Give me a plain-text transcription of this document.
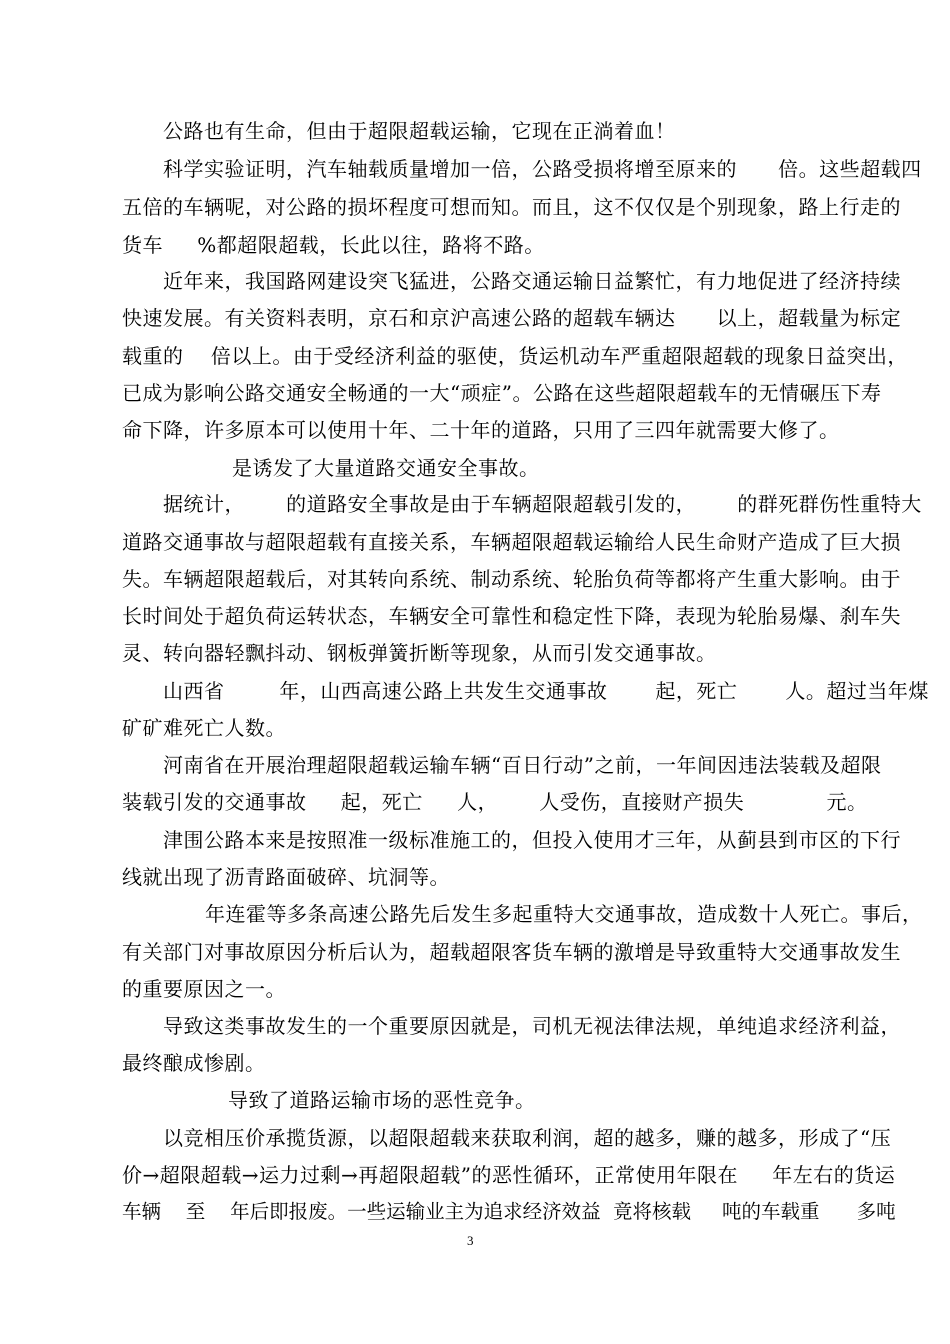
公路也有生命，但由于超限超载运输，它现在正淌着血！
科学实验证明，汽车轴载质量增加一倍，公路受损将增至原来的      倍。这些超载四
五倍的车辆呢，对公路的损坏程度可想而知。而且，这不仅仅是个别现象，路上行走的
货车     %都超限超载，长此以往，路将不路。
近年来，我国路网建设突飞猛进，公路交通运输日益繁忙，有力地促进了经济持续
快速发展。有关资料表明，京石和京沪高速公路的超载车辆达      以上，超载量为标定
载重的    倍以上。由于受经济利益的驱使，货运机动车严重超限超载的现象日益突出，
已成为影响公路交通安全畅通的一大“顽症”。公路在这些超限超载车的无情碾压下寿
命下降，许多原本可以使用十年、二十年的道路，只用了三四年就需要大修了。
是诱发了大量道路交通安全事故。
据统计，      的道路安全事故是由于车辆超限超载引发的，      的群死群伤性重特大
道路交通事故与超限超载有直接关系，车辆超限超载运输给人民生命财产造成了巨大损
失。车辆超限超载后，对其转向系统、制动系统、轮胎负荷等都将产生重大影响。由于
长时间处于超负荷运转状态，车辆安全可靠性和稳定性下降，表现为轮胎易爆、刹车失
灵、转向器轻飘抖动、钢板弹簧折断等现象，从而引发交通事故。
山西省        年，山西高速公路上共发生交通事故       起，死亡       人。超过当年煤
矿矿难死亡人数。
河南省在开展治理超限超载运输车辆“百日行动”之前，一年间因违法装载及超限
装载引发的交通事故     起，死亡     人，      人受伤，直接财产损失            元。
津围公路本来是按照准一级标准施工的，但投入使用才三年，从蓟县到市区的下行
线就出现了沥青路面破碎、坑洞等。
年连霍等多条高速公路先后发生多起重特大交通事故，造成数十人死亡。事后，
有关部门对事故原因分析后认为，超载超限客货车辆的激增是导致重特大交通事故发生
的重要原因之一。
导致这类事故发生的一个重要原因就是，司机无视法律法规，单纯追求经济利益，
最终酿成惨剧。
导致了道路运输市场的恶性竞争。
以竞相压价承揽货源，以超限超载来获取利润，超的越多，赚的越多，形成了“压
价→超限超载→运力过剩→再超限超载”的恶性循环，正常使用年限在     年左右的货运
车辆    至    年后即报废。一些运输业主为追求经济效益  竟将核载     吨的车载重      多吨
3
